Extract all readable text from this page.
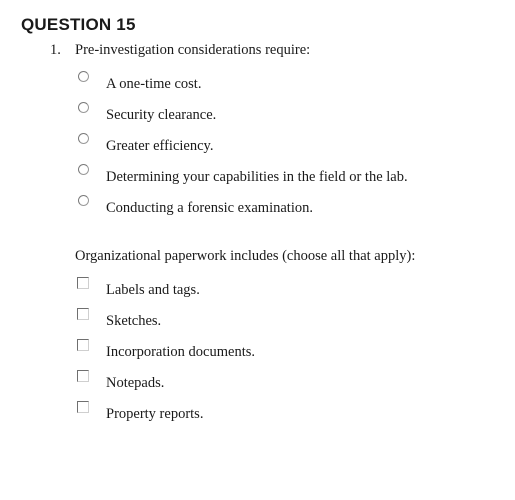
QUESTION 15
1. Pre-investigation considerations require:
A one-time cost.
Security clearance.
Greater efficiency.
Determining your capabilities in the field or the lab.
Conducting a forensic examination.
Organizational paperwork includes (choose all that apply):
Labels and tags.
Sketches.
Incorporation documents.
Notepads.
Property reports.
